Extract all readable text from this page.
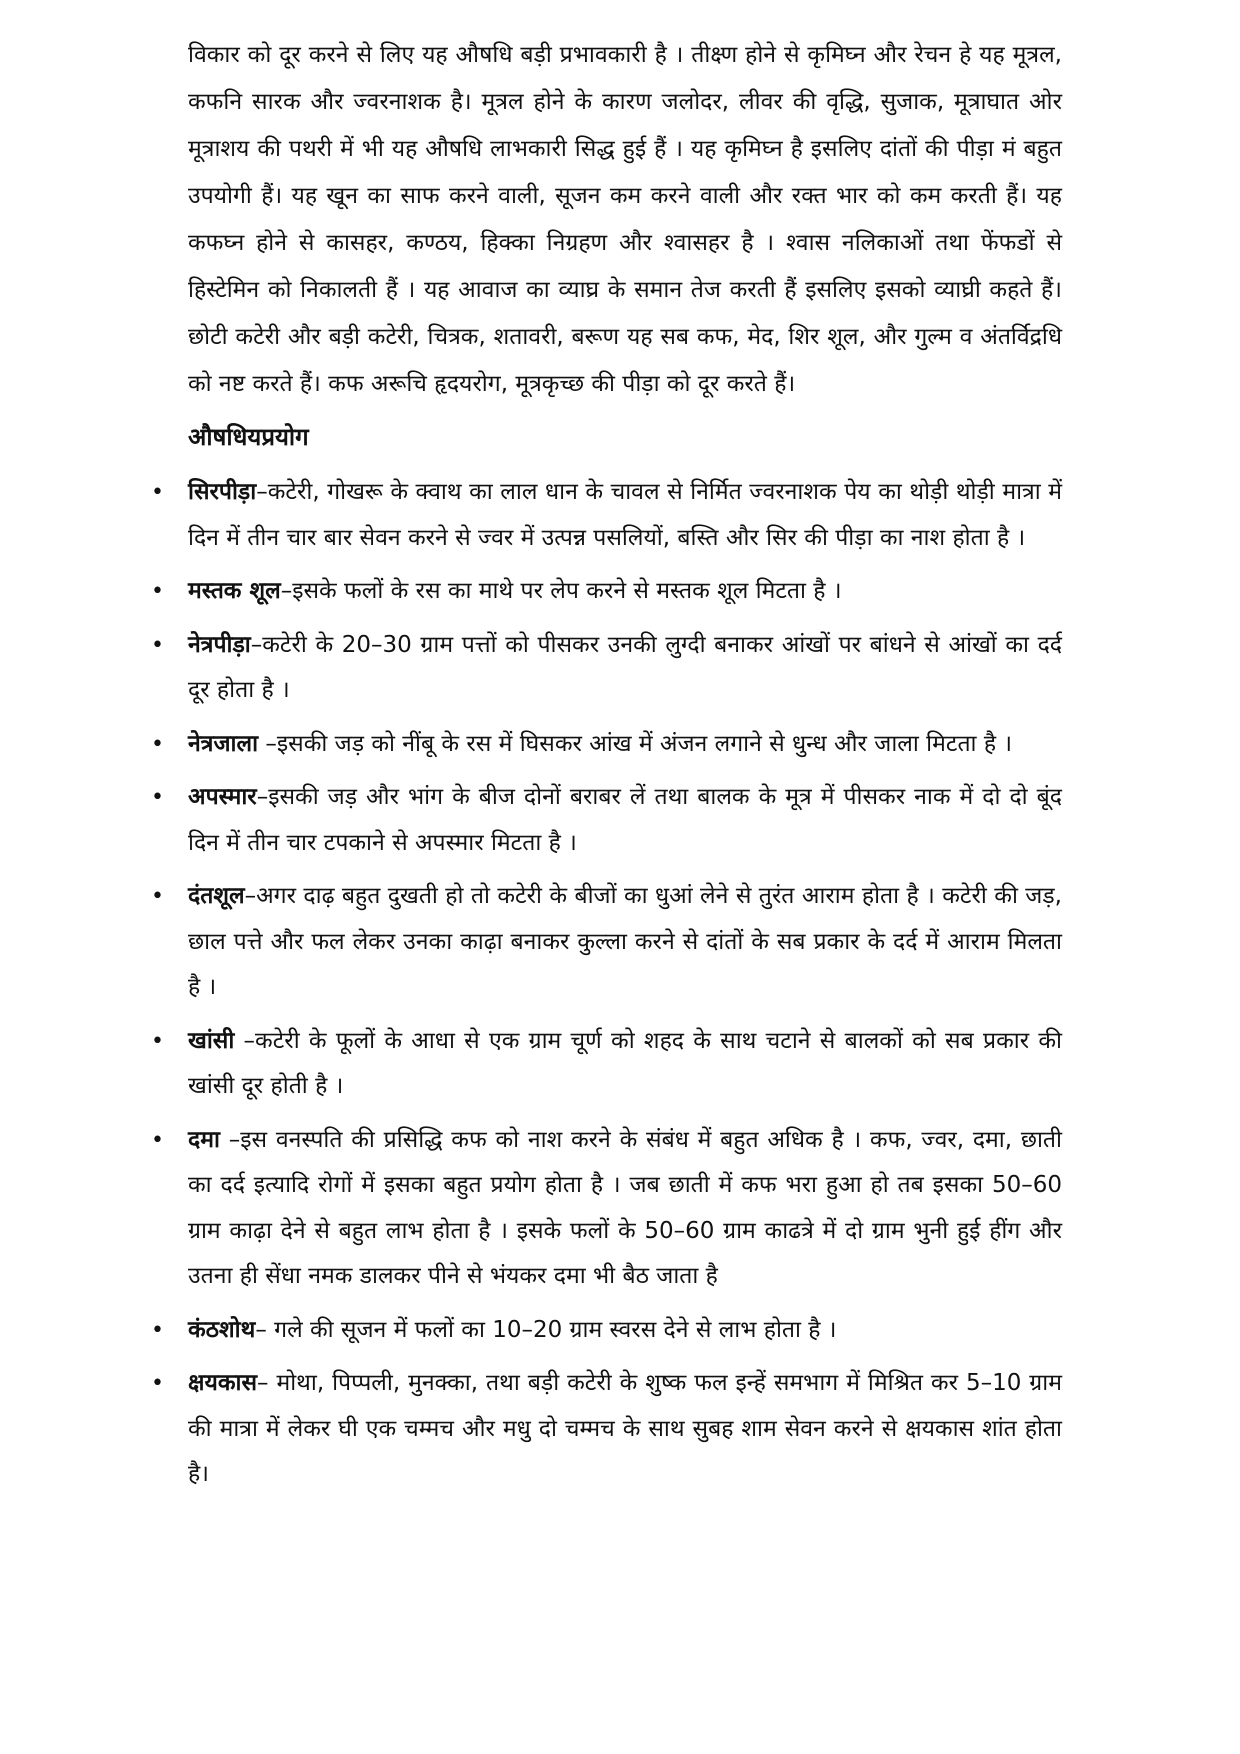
विकार को दूर करने से लिए यह औषधि बड़ी प्रभावकारी है । तीक्ष्ण होने से कृमिघ्न और रेचन हे यह मूत्रल, कफनि सारक और ज्वरनाशक है। मूत्रल होने के कारण जलोदर, लीवर की वृद्धि, सुजाक, मूत्राघात ओर मूत्राशय की पथरी में भी यह औषधि लाभकारी सिद्ध हुई हैं । यह कृमिघ्न है इसलिए दांतों की पीड़ा मं बहुत उपयोगी हैं। यह खून का साफ करने वाली, सूजन कम करने वाली और रक्त भार को कम करती हैं। यह कफघ्न होने से कासहर, कण्ठय, हिक्का निग्रहण और श्वासहर है । श्वास नलिकाओं तथा फेंफडों से हिस्टेमिन को निकालती हैं । यह आवाज का व्याघ्र के समान तेज करती हैं इसलिए इसको व्याघ्री कहते हैं। छोटी कटेरी और बड़ी कटेरी, चित्रक, शतावरी, बरूण यह सब कफ, मेद, शिर शूल, और गुल्म व अंतर्विद्रधि को नष्ट करते हैं। कफ अरूचि हृदयरोग, मूत्रकृच्छ की पीड़ा को दूर करते हैं।

औषधियप्रयोग
• सिरपीड़ा–कटेरी, गोखरू के क्वाथ का लाल धान के चावल से निर्मित ज्वरनाशक पेय का थोड़ी थोड़ी मात्रा में दिन में तीन चार बार सेवन करने से ज्वर में उत्पन्न पसलियों, बस्ति और सिर की पीड़ा का नाश होता है ।
• मस्तक शूल–इसके फलों के रस का माथे पर लेप करने से मस्तक शूल मिटता है ।
• नेत्रपीड़ा–कटेरी के 20–30 ग्राम पत्तों को पीसकर उनकी लुग्दी बनाकर आंखों पर बांधने से आंखों का दर्द दूर होता है ।
• नेत्रजाला –इसकी जड़ को नींबू के रस में घिसकर आंख में अंजन लगाने से धुन्ध और जाला मिटता है ।
• अपस्मार–इसकी जड़ और भांग के बीज दोनों बराबर लें तथा बालक के मूत्र में पीसकर नाक में दो दो बूंद दिन में तीन चार टपकाने से अपस्मार मिटता है ।
• दंतशूल–अगर दाढ़ बहुत दुखती हो तो कटेरी के बीजों का धुआं लेने से तुरंत आराम होता है । कटेरी की जड़, छाल पत्ते और फल लेकर उनका काढ़ा बनाकर कुल्ला करने से दांतों के सब प्रकार के दर्द में आराम मिलता है ।
• खांसी –कटेरी के फूलों के आधा से एक ग्राम चूर्ण को शहद के साथ चटाने से बालकों को सब प्रकार की खांसी दूर होती है ।
• दमा –इस वनस्पति की प्रसिद्धि कफ को नाश करने के संबंध में बहुत अधिक है । कफ, ज्वर, दमा, छाती का दर्द इत्यादि रोगों में इसका बहुत प्रयोग होता है । जब छाती में कफ भरा हुआ हो तब इसका 50–60 ग्राम काढ़ा देने से बहुत लाभ होता है । इसके फलों के 50–60 ग्राम काढत्रे में दो ग्राम भुनी हुई हींग और उतना ही सेंधा नमक डालकर पीने से भंयकर दमा भी बैठ जाता है
• कंठशोथ– गले की सूजन में फलों का 10–20 ग्राम स्वरस देने से लाभ होता है ।
• क्षयकास– मोथा, पिप्पली, मुनक्का, तथा बड़ी कटेरी के शुष्क फल इन्हें समभाग में मिश्रित कर 5–10 ग्राम की मात्रा में लेकर घी एक चम्मच और मधु दो चम्मच के साथ सुबह शाम सेवन करने से क्षयकास शांत होता है।
